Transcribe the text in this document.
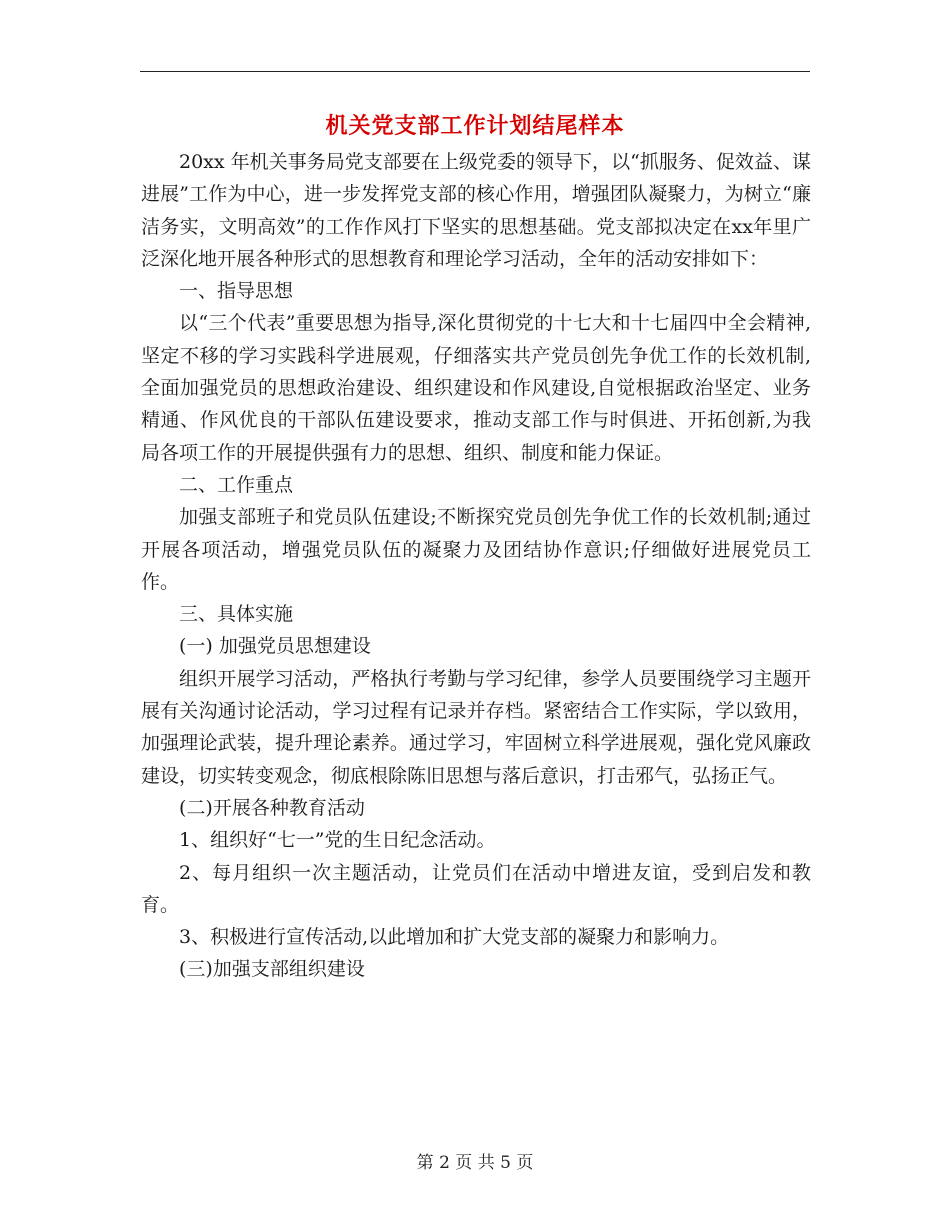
机关党支部工作计划结尾样本

20xx 年机关事务局党支部要在上级党委的领导下，以“抓服务、促效益、谋进展”工作为中心，进一步发挥党支部的核心作用，增强团队凝聚力，为树立“廉洁务实，文明高效”的工作作风打下坚实的思想基础。党支部拟决定在xx年里广泛深化地开展各种形式的思想教育和理论学习活动，全年的活动安排如下：

一、指导思想

以“三个代表”重要思想为指导,深化贯彻党的十七大和十七届四中全会精神,坚定不移的学习实践科学进展观，仔细落实共产党员创先争优工作的长效机制,全面加强党员的思想政治建设、组织建设和作风建设,自觉根据政治坚定、业务精通、作风优良的干部队伍建设要求，推动支部工作与时俱进、开拓创新,为我局各项工作的开展提供强有力的思想、组织、制度和能力保证。

二、工作重点

加强支部班子和党员队伍建设;不断探究党员创先争优工作的长效机制;通过开展各项活动，增强党员队伍的凝聚力及团结协作意识;仔细做好进展党员工作。

三、具体实施

(一) 加强党员思想建设

组织开展学习活动，严格执行考勤与学习纪律，参学人员要围绕学习主题开展有关沟通讨论活动，学习过程有记录并存档。紧密结合工作实际，学以致用，加强理论武装，提升理论素养。通过学习，牢固树立科学进展观，强化党风廉政建设，切实转变观念，彻底根除陈旧思想与落后意识，打击邪气，弘扬正气。

(二)开展各种教育活动

1、组织好“七一”党的生日纪念活动。

2、每月组织一次主题活动，让党员们在活动中增进友谊，受到启发和教育。

3、积极进行宣传活动,以此增加和扩大党支部的凝聚力和影响力。

(三)加强支部组织建设

第 2 页 共 5 页
